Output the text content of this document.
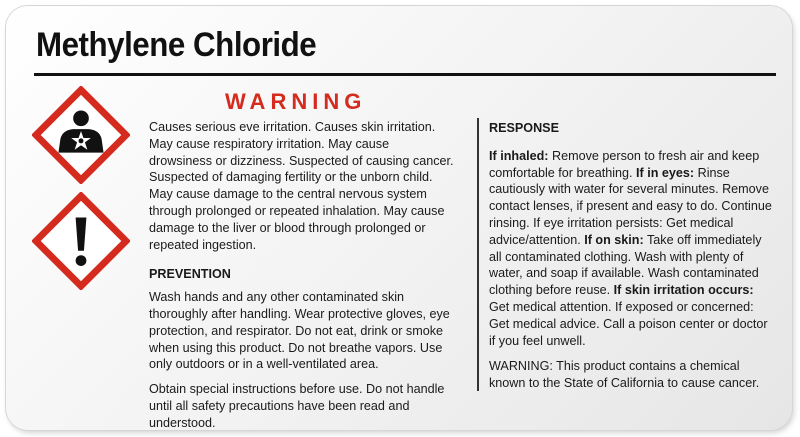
Methylene Chloride
WARNING

Causes serious eve irritation. Causes skin irritation. May cause respiratory irritation. May cause drowsiness or dizziness. Suspected of causing cancer. Suspected of damaging fertility or the unborn child. May cause damage to the central nervous system through prolonged or repeated inhalation. May cause damage to the liver or blood through prolonged or repeated ingestion.

PREVENTION

Wash hands and any other contaminated skin thoroughly after handling. Wear protective gloves, eye protection, and respirator. Do not eat, drink or smoke when using this product. Do not breathe vapors. Use only outdoors or in a well-ventilated area.

Obtain special instructions before use. Do not handle until all safety precautions have been read and understood.

RESPONSE

If inhaled: Remove person to fresh air and keep comfortable for breathing. If in eyes: Rinse cautiously with water for several minutes. Remove contact lenses, if present and easy to do. Continue rinsing. If eye irritation persists: Get medical advice/attention. If on skin: Take off immediately all contaminated clothing. Wash with plenty of water, and soap if available. Wash contaminated clothing before reuse. If skin irritation occurs: Get medical attention. If exposed or concerned: Get medical advice. Call a poison center or doctor if you feel unwell.

WARNING: This product contains a chemical known to the State of California to cause cancer.
